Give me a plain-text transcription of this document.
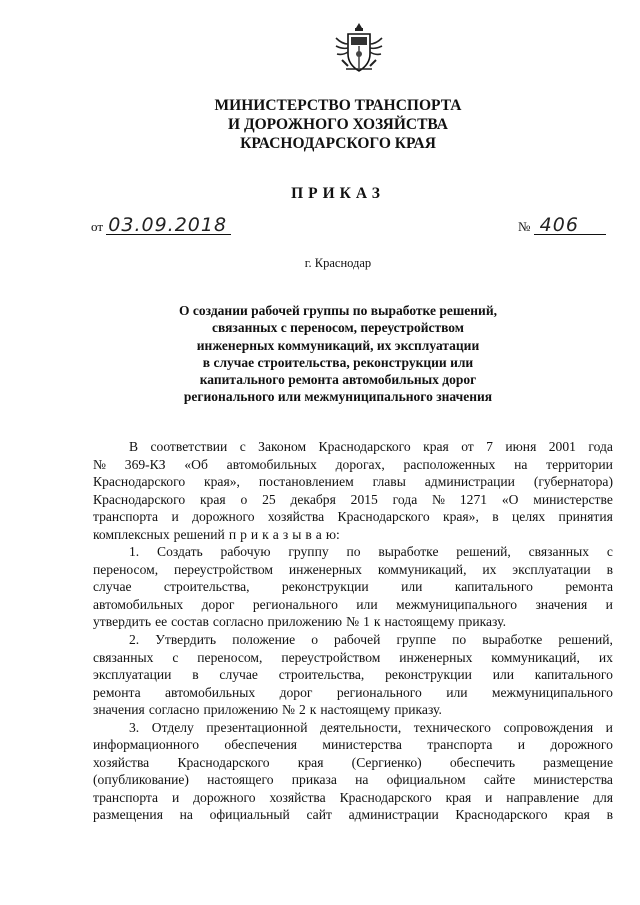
МИНИСТЕРСТВО ТРАНСПОРТА
И ДОРОЖНОГО ХОЗЯЙСТВА
КРАСНОДАРСКОГО КРАЯ
ПРИКАЗ
от 03.09.2018	№ 406
г. Краснодар
О создании рабочей группы по выработке решений,
связанных с переносом, переустройством
инженерных коммуникаций, их эксплуатации
в случае строительства, реконструкции или
капитального ремонта автомобильных дорог
регионального или межмуниципального значения
В соответствии с Законом Краснодарского края от 7 июня 2001 года
№ 369-КЗ «Об автомобильных дорогах, расположенных на территории
Краснодарского края», постановлением главы администрации (губернатора)
Краснодарского края о 25 декабря 2015 года № 1271 «О министерстве
транспорта и дорожного хозяйства Краснодарского края», в целях принятия
комплексных решений п р и к а з ы в а ю:
1. Создать рабочую группу по выработке решений, связанных с
переносом, переустройством инженерных коммуникаций, их эксплуатации в
случае строительства, реконструкции или капитального ремонта
автомобильных дорог регионального или межмуниципального значения и
утвердить ее состав согласно приложению № 1 к настоящему приказу.
2. Утвердить положение о рабочей группе по выработке решений,
связанных с переносом, переустройством инженерных коммуникаций, их
эксплуатации в случае строительства, реконструкции или капитального
ремонта автомобильных дорог регионального или межмуниципального
значения согласно приложению № 2 к настоящему приказу.
3. Отделу презентационной деятельности, технического сопровождения и
информационного обеспечения министерства транспорта и дорожного
хозяйства Краснодарского края (Сергиенко) обеспечить размещение
(опубликование) настоящего приказа на официальном сайте министерства
транспорта и дорожного хозяйства Краснодарского края и направление для
размещения на официальный сайт администрации Краснодарского края в
